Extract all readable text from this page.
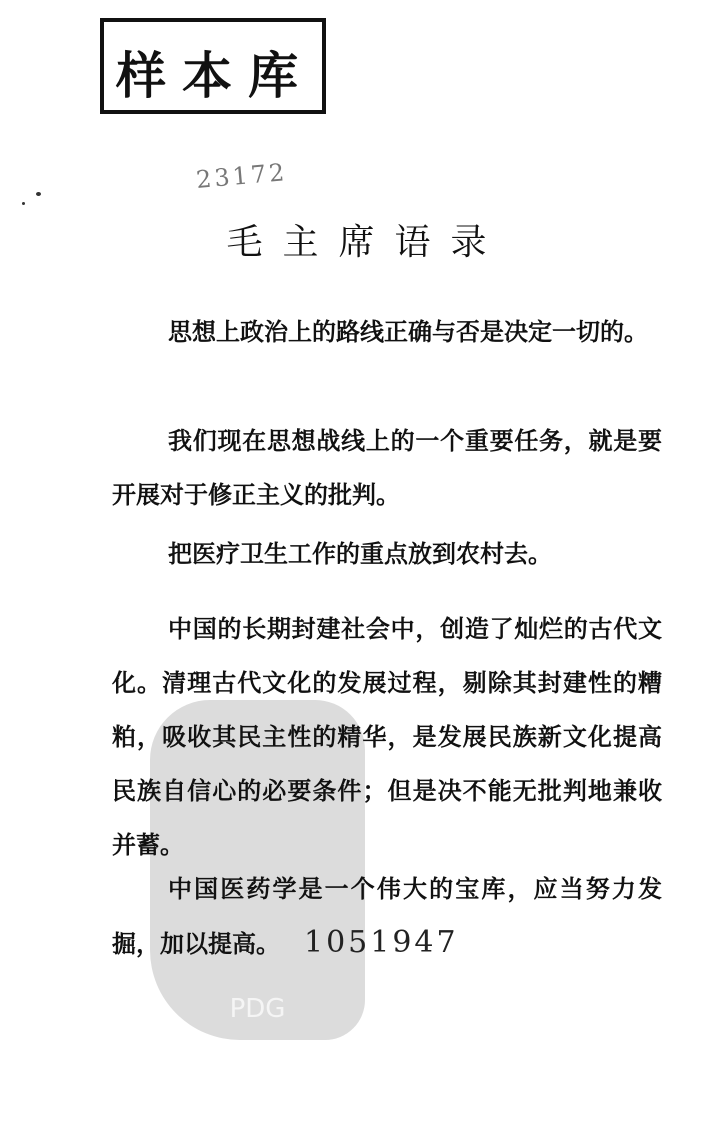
样本库
23172
毛主席语录
PDG

思想上政治上的路线正确与否是决定一切的。

我们现在思想战线上的一个重要任务，就是要开展对于修正主义的批判。

把医疗卫生工作的重点放到农村去。

中国的长期封建社会中，创造了灿烂的古代文化。清理古代文化的发展过程，剔除其封建性的糟粕，吸收其民主性的精华，是发展民族新文化提高民族自信心的必要条件；但是决不能无批判地兼收并蓄。

中国医药学是一个伟大的宝库，应当努力发掘，加以提高。 1051947
